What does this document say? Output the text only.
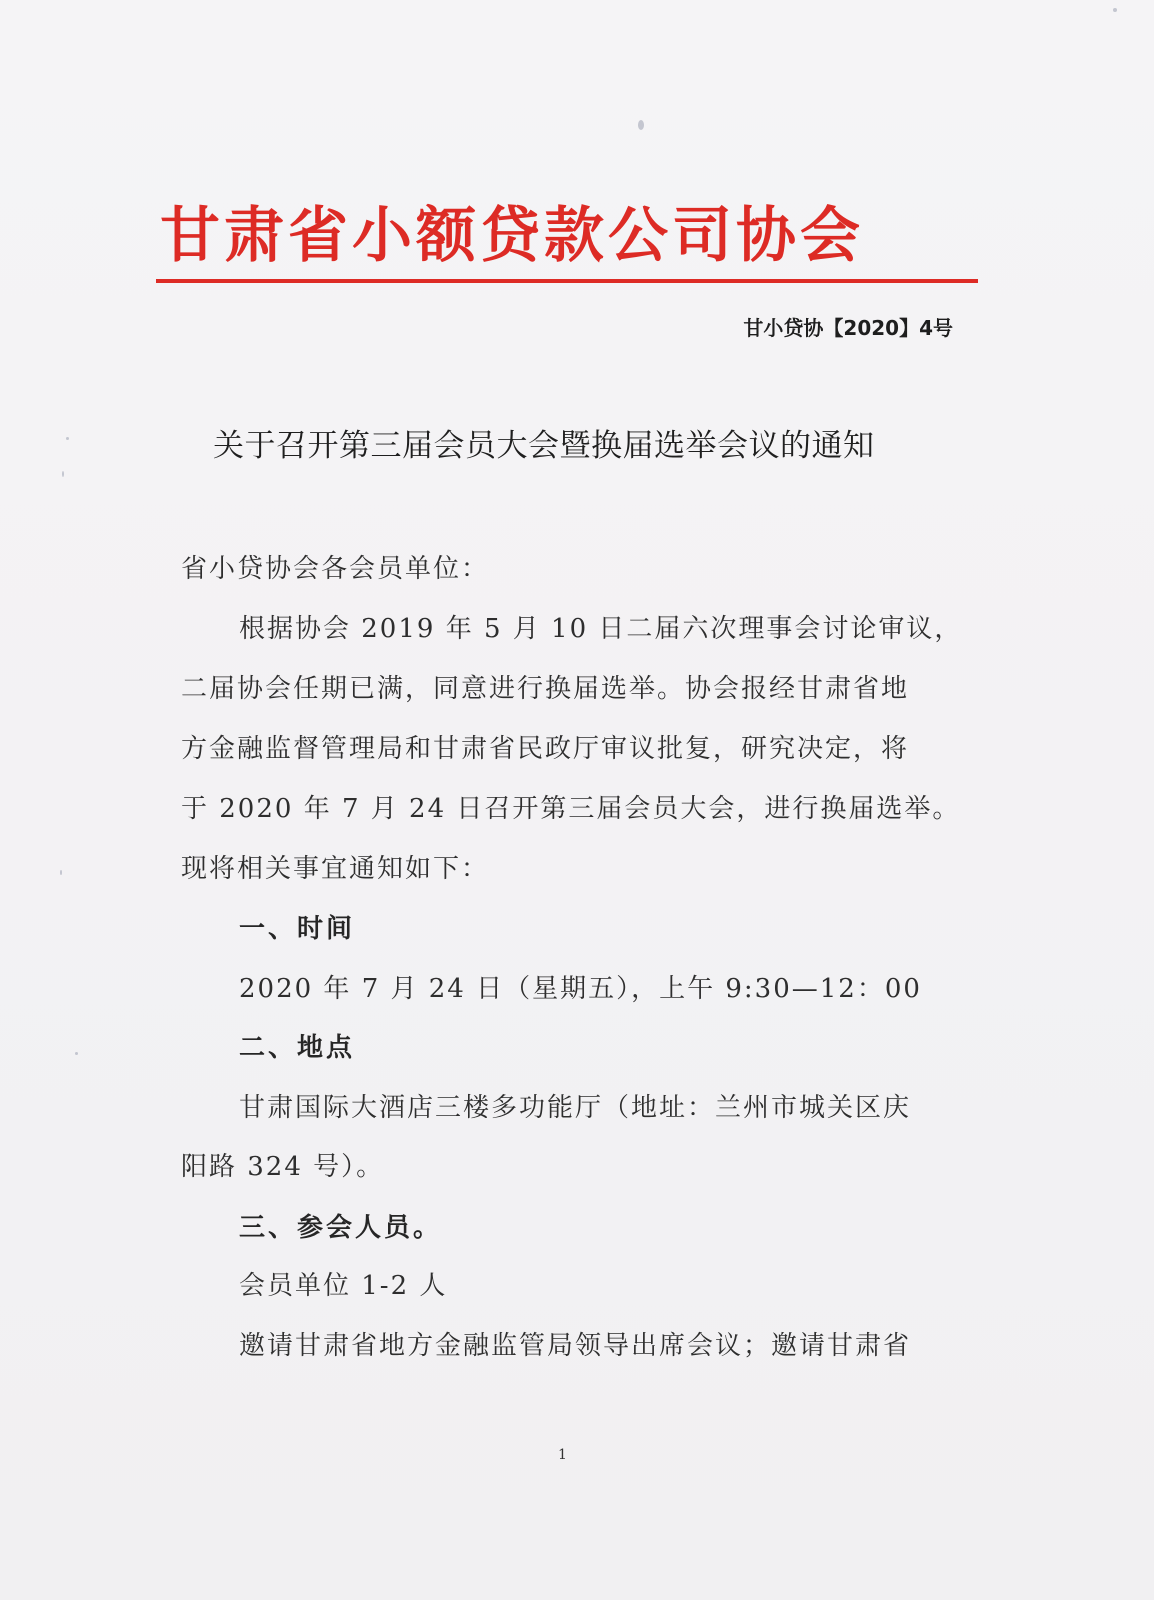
甘肃省小额贷款公司协会
甘小贷协【2020】4号
关于召开第三届会员大会暨换届选举会议的通知
省小贷协会各会员单位：
根据协会 2019 年 5 月 10 日二届六次理事会讨论审议，
二届协会任期已满，同意进行换届选举。协会报经甘肃省地
方金融监督管理局和甘肃省民政厅审议批复，研究决定，将
于 2020 年 7 月 24 日召开第三届会员大会，进行换届选举。
现将相关事宜通知如下：
一、时间
2020 年 7 月 24 日（星期五），上午 9:30—12：00
二、地点
甘肃国际大酒店三楼多功能厅（地址：兰州市城关区庆
阳路 324 号）。
三、参会人员。
会员单位 1-2 人
邀请甘肃省地方金融监管局领导出席会议；邀请甘肃省
1
